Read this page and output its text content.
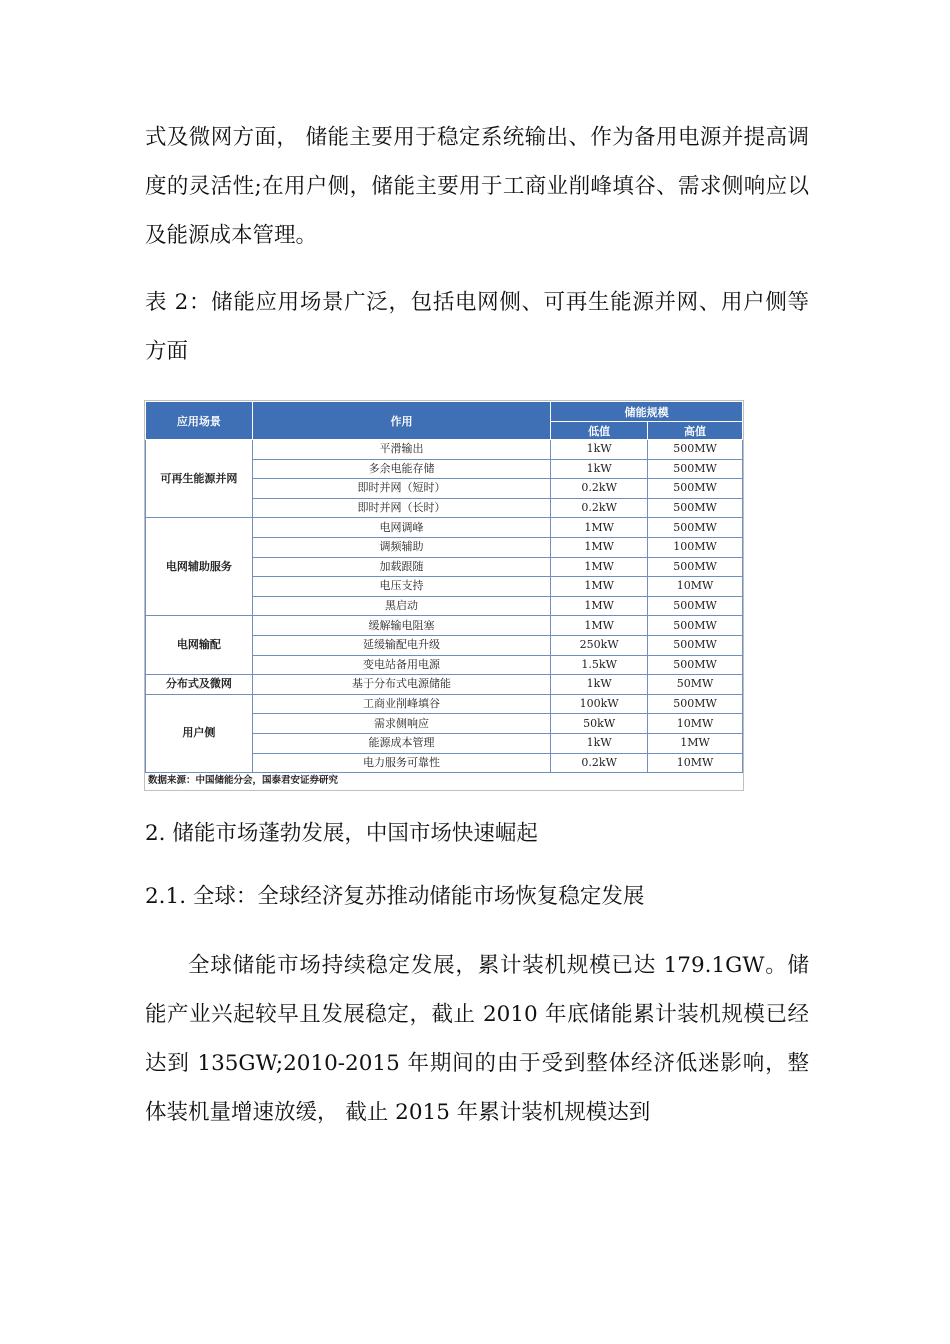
式及微网方面， 储能主要用于稳定系统输出、作为备用电源并提高调度的灵活性;在用户侧，储能主要用于工商业削峰填谷、需求侧响应以及能源成本管理。

表 2：储能应用场景广泛，包括电网侧、可再生能源并网、用户侧等方面

应用场景	作用	储能规模	
		低值	高值
可再生能源并网	平滑输出	1kW	500MW
	多余电能存储	1kW	500MW
	即时并网（短时）	0.2kW	500MW
	即时并网（长时）	0.2kW	500MW
电网辅助服务	电网调峰	1MW	500MW
	调频辅助	1MW	100MW
	加载跟随	1MW	500MW
	电压支持	1MW	10MW
	黑启动	1MW	500MW
电网输配	缓解输电阻塞	1MW	500MW
	延缓输配电升级	250kW	500MW
	变电站备用电源	1.5kW	500MW
分布式及微网	基于分布式电源储能	1kW	50MW
用户侧	工商业削峰填谷	100kW	500MW
	需求侧响应	50kW	10MW
	能源成本管理	1kW	1MW
	电力服务可靠性	0.2kW	10MW
数据来源：中国储能分会，国泰君安证券研究

2. 储能市场蓬勃发展，中国市场快速崛起

2.1. 全球：全球经济复苏推动储能市场恢复稳定发展

全球储能市场持续稳定发展，累计装机规模已达 179.1GW。储能产业兴起较早且发展稳定，截止 2010 年底储能累计装机规模已经达到 135GW;2010-2015 年期间的由于受到整体经济低迷影响，整体装机量增速放缓， 截止 2015 年累计装机规模达到
